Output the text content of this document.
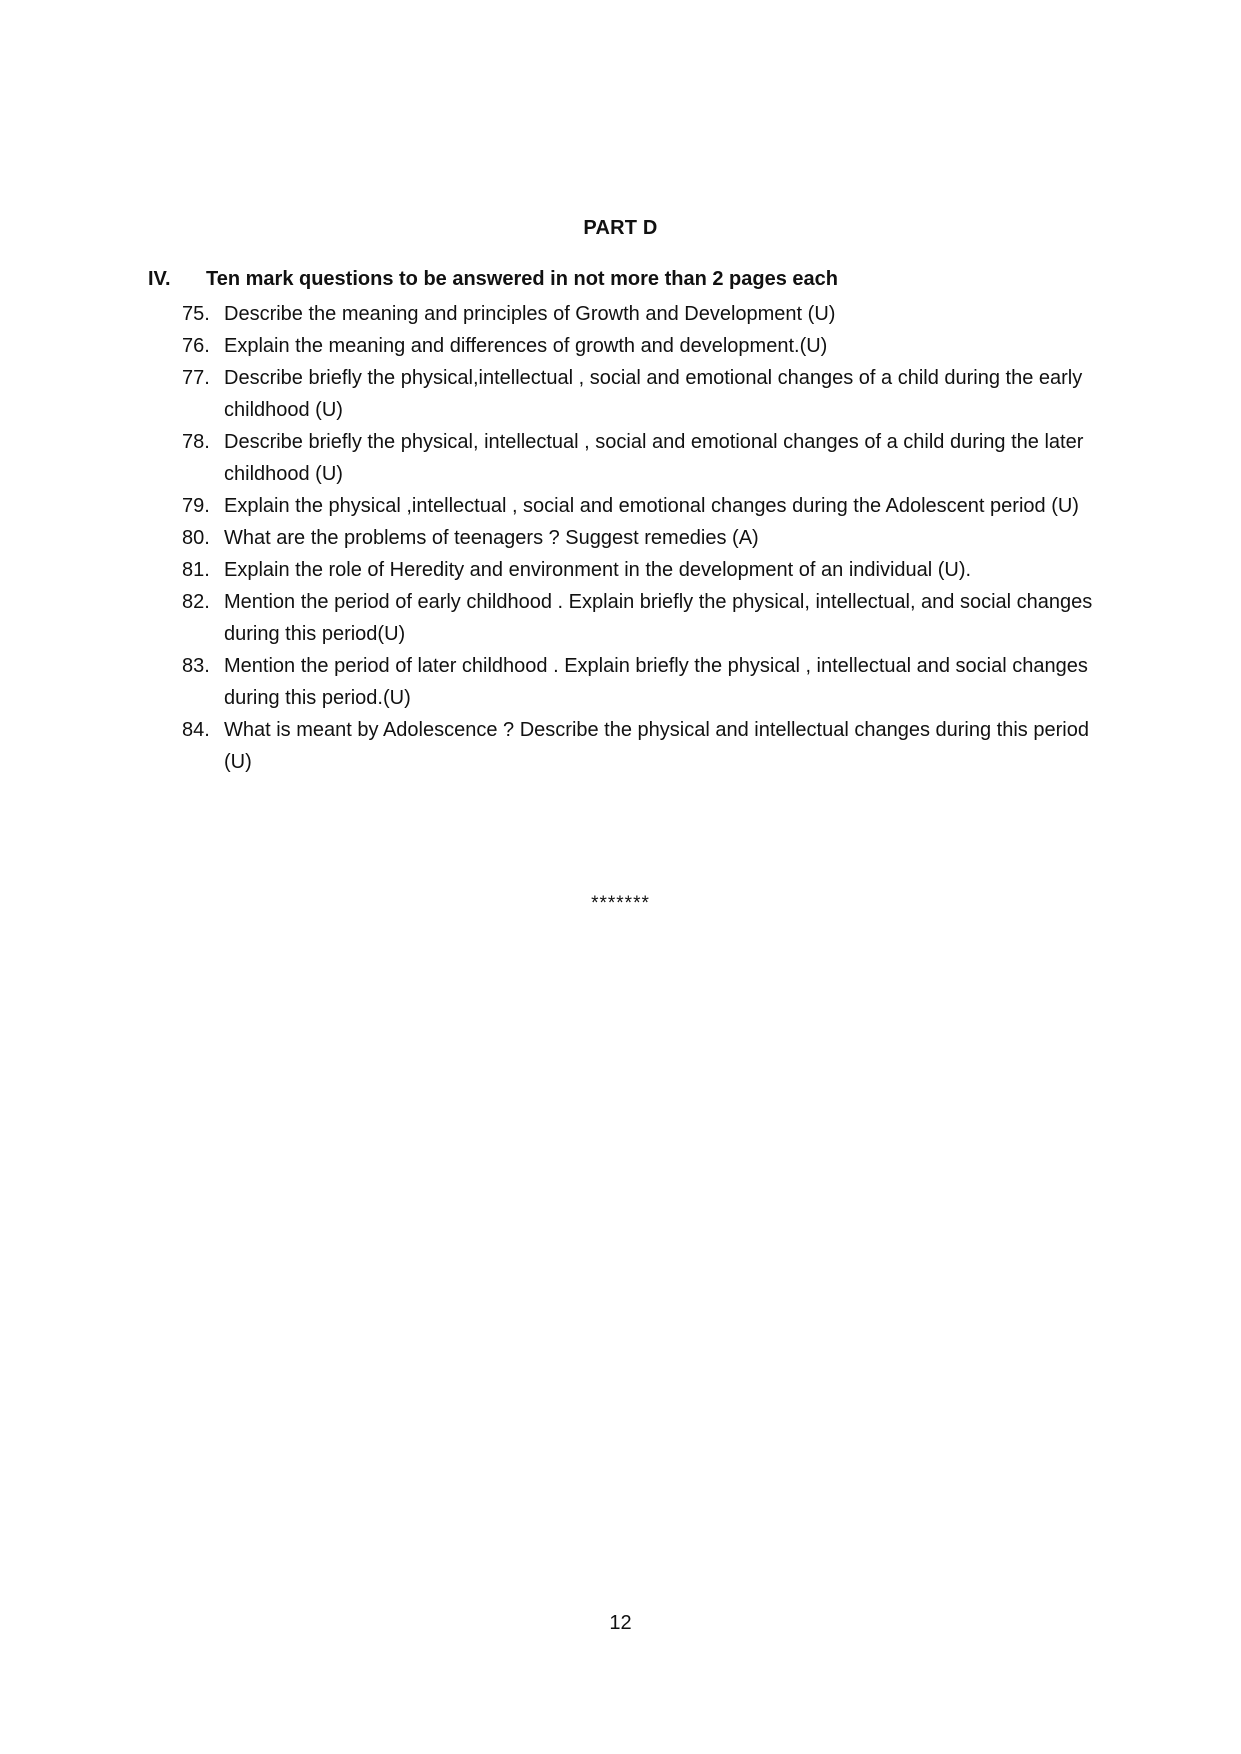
PART D
IV. Ten mark questions to be answered in not more than 2 pages each
75. Describe the meaning and principles of Growth and Development (U)
76. Explain the meaning and differences of growth and development.(U)
77. Describe briefly the physical,intellectual , social and emotional changes of a child during the early childhood (U)
78. Describe briefly the physical, intellectual , social and emotional changes of a child during the later childhood (U)
79. Explain the physical ,intellectual , social and emotional changes during the Adolescent period (U)
80. What are the problems of teenagers ? Suggest remedies (A)
81. Explain the role of Heredity and environment in the development of an individual (U).
82. Mention the period of early childhood . Explain briefly the physical, intellectual, and social changes during this period(U)
83. Mention the period of later childhood . Explain briefly the physical , intellectual and social changes during this period.(U)
84. What is meant by Adolescence ? Describe the physical and intellectual changes during this period (U)
*******
12
